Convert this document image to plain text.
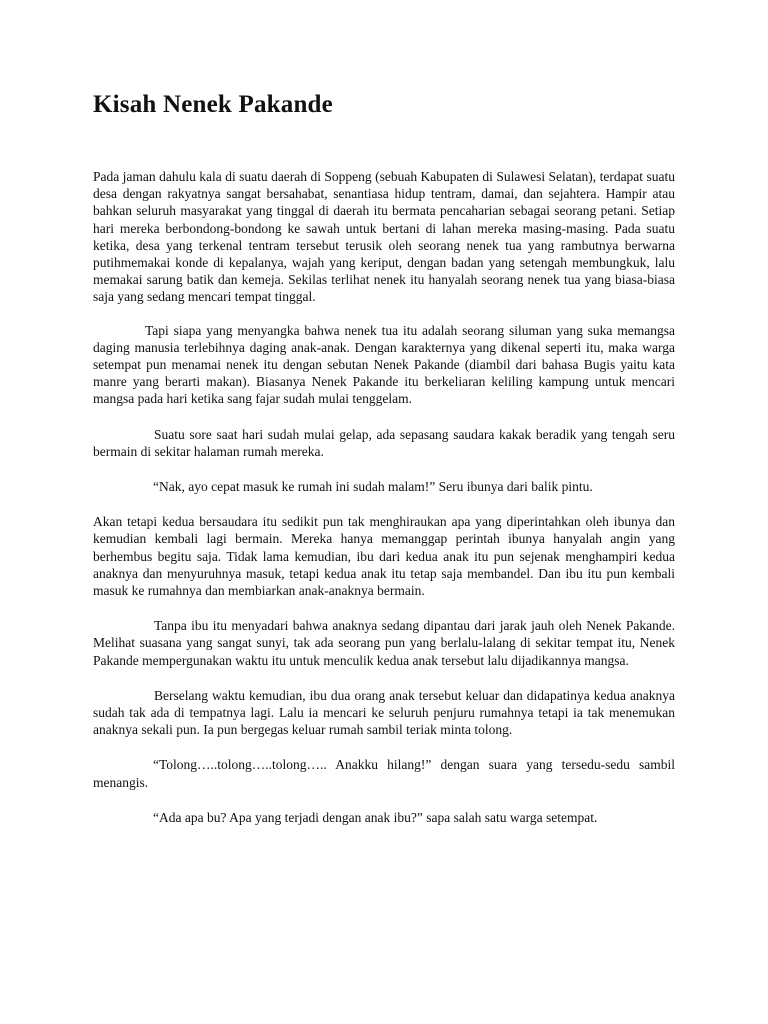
Kisah Nenek Pakande

Pada jaman dahulu kala di suatu daerah di Soppeng (sebuah Kabupaten di Sulawesi Selatan), terdapat suatu desa dengan rakyatnya sangat bersahabat, senantiasa hidup tentram, damai, dan sejahtera. Hampir atau bahkan seluruh masyarakat yang tinggal di daerah itu bermata pencaharian sebagai seorang petani. Setiap hari mereka berbondong-bondong ke sawah untuk bertani di lahan mereka masing-masing. Pada suatu ketika, desa yang terkenal tentram tersebut terusik oleh seorang nenek tua yang rambutnya berwarna putihmemakai konde di kepalanya, wajah yang keriput, dengan badan yang setengah membungkuk, lalu memakai sarung batik dan kemeja. Sekilas terlihat nenek itu hanyalah seorang nenek tua yang biasa-biasa saja yang sedang mencari tempat tinggal.

Tapi siapa yang menyangka bahwa nenek tua itu adalah seorang siluman yang suka memangsa daging manusia terlebihnya daging anak-anak. Dengan karakternya yang dikenal seperti itu, maka warga setempat pun menamai nenek itu dengan sebutan Nenek Pakande (diambil dari bahasa Bugis yaitu kata manre yang berarti makan). Biasanya Nenek Pakande itu berkeliaran keliling kampung untuk mencari mangsa pada hari ketika sang fajar sudah mulai tenggelam.

Suatu sore saat hari sudah mulai gelap, ada sepasang saudara kakak beradik yang tengah seru bermain di sekitar halaman rumah mereka.

“Nak, ayo cepat masuk ke rumah ini sudah malam!” Seru ibunya dari balik pintu.

Akan tetapi kedua bersaudara itu sedikit pun tak menghiraukan apa yang diperintahkan oleh ibunya dan kemudian kembali lagi bermain. Mereka hanya memanggap perintah ibunya hanyalah angin yang berhembus begitu saja. Tidak lama kemudian, ibu dari kedua anak itu pun sejenak menghampiri kedua anaknya dan menyuruhnya masuk, tetapi kedua anak itu tetap saja membandel. Dan ibu itu pun kembali masuk ke rumahnya dan membiarkan anak-anaknya bermain.

Tanpa ibu itu menyadari bahwa anaknya sedang dipantau dari jarak jauh oleh Nenek Pakande. Melihat suasana yang sangat sunyi, tak ada seorang pun yang berlalu-lalang di sekitar tempat itu, Nenek Pakande mempergunakan waktu itu untuk menculik kedua anak tersebut lalu dijadikannya mangsa.

Berselang waktu kemudian, ibu dua orang anak tersebut keluar dan didapatinya kedua anaknya sudah tak ada di tempatnya lagi. Lalu ia mencari ke seluruh penjuru rumahnya tetapi ia tak menemukan anaknya sekali pun. Ia pun bergegas keluar rumah sambil teriak minta tolong.

“Tolong…..tolong…..tolong….. Anakku hilang!” dengan suara yang tersedu-sedu sambil menangis.

“Ada apa bu? Apa yang terjadi dengan anak ibu?” sapa salah satu warga setempat.
